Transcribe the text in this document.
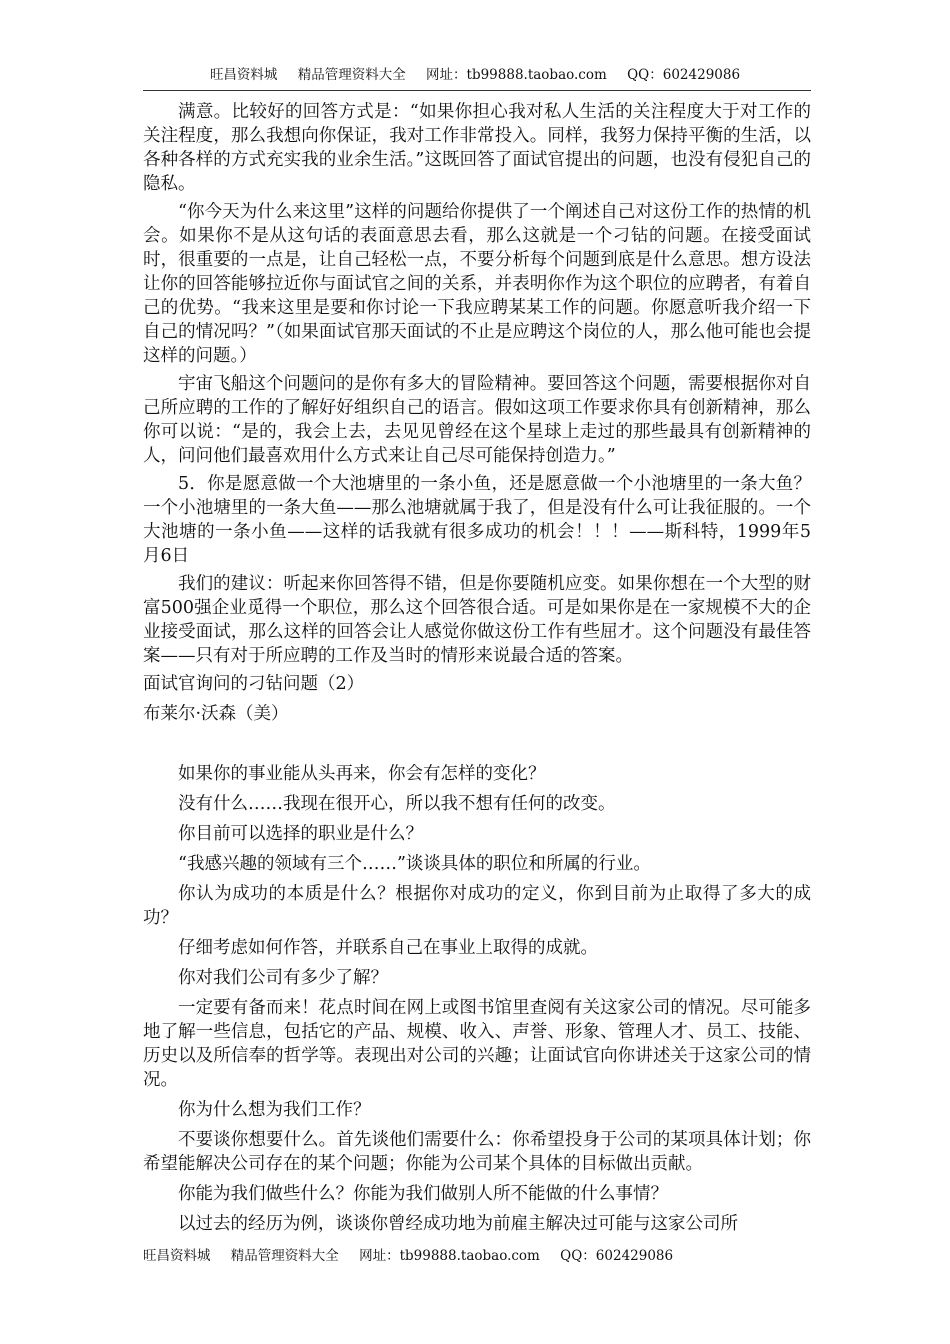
旺昌资料城 精品管理资料大全 网址：tb99888.taobao.com QQ：602429086

满意。比较好的回答方式是：“如果你担心我对私人生活的关注程度大于对工作的关注程度，那么我想向你保证，我对工作非常投入。同样，我努力保持平衡的生活，以各种各样的方式充实我的业余生活。”这既回答了面试官提出的问题，也没有侵犯自己的隐私。

“你今天为什么来这里”这样的问题给你提供了一个阐述自己对这份工作的热情的机会。如果你不是从这句话的表面意思去看，那么这就是一个刁钻的问题。在接受面试时，很重要的一点是，让自己轻松一点，不要分析每个问题到底是什么意思。想方设法让你的回答能够拉近你与面试官之间的关系，并表明你作为这个职位的应聘者，有着自己的优势。“我来这里是要和你讨论一下我应聘某某工作的问题。你愿意听我介绍一下自己的情况吗？”（如果面试官那天面试的不止是应聘这个岗位的人，那么他可能也会提这样的问题。）

宇宙飞船这个问题问的是你有多大的冒险精神。要回答这个问题，需要根据你对自己所应聘的工作的了解好好组织自己的语言。假如这项工作要求你具有创新精神，那么你可以说：“是的，我会上去，去见见曾经在这个星球上走过的那些最具有创新精神的人，问问他们最喜欢用什么方式来让自己尽可能保持创造力。”

5．你是愿意做一个大池塘里的一条小鱼，还是愿意做一个小池塘里的一条大鱼？一个小池塘里的一条大鱼——那么池塘就属于我了，但是没有什么可让我征服的。一个大池塘的一条小鱼——这样的话我就有很多成功的机会！！！——斯科特，1999年5月6日

我们的建议：听起来你回答得不错，但是你要随机应变。如果你想在一个大型的财富500强企业觅得一个职位，那么这个回答很合适。可是如果你是在一家规模不大的企业接受面试，那么这样的回答会让人感觉你做这份工作有些屈才。这个问题没有最佳答案——只有对于所应聘的工作及当时的情形来说最合适的答案。

面试官询问的刁钻问题（2）

布莱尔·沃森（美）

如果你的事业能从头再来，你会有怎样的变化？

没有什么……我现在很开心，所以我不想有任何的改变。

你目前可以选择的职业是什么？

“我感兴趣的领域有三个……”谈谈具体的职位和所属的行业。

你认为成功的本质是什么？根据你对成功的定义，你到目前为止取得了多大的成功？

仔细考虑如何作答，并联系自己在事业上取得的成就。

你对我们公司有多少了解？

一定要有备而来！花点时间在网上或图书馆里查阅有关这家公司的情况。尽可能多地了解一些信息，包括它的产品、规模、收入、声誉、形象、管理人才、员工、技能、历史以及所信奉的哲学等。表现出对公司的兴趣；让面试官向你讲述关于这家公司的情况。

你为什么想为我们工作？

不要谈你想要什么。首先谈他们需要什么：你希望投身于公司的某项具体计划；你希望能解决公司存在的某个问题；你能为公司某个具体的目标做出贡献。

你能为我们做些什么？你能为我们做别人所不能做的什么事情？

以过去的经历为例，谈谈你曾经成功地为前雇主解决过可能与这家公司所

旺昌资料城 精品管理资料大全 网址：tb99888.taobao.com QQ：602429086
